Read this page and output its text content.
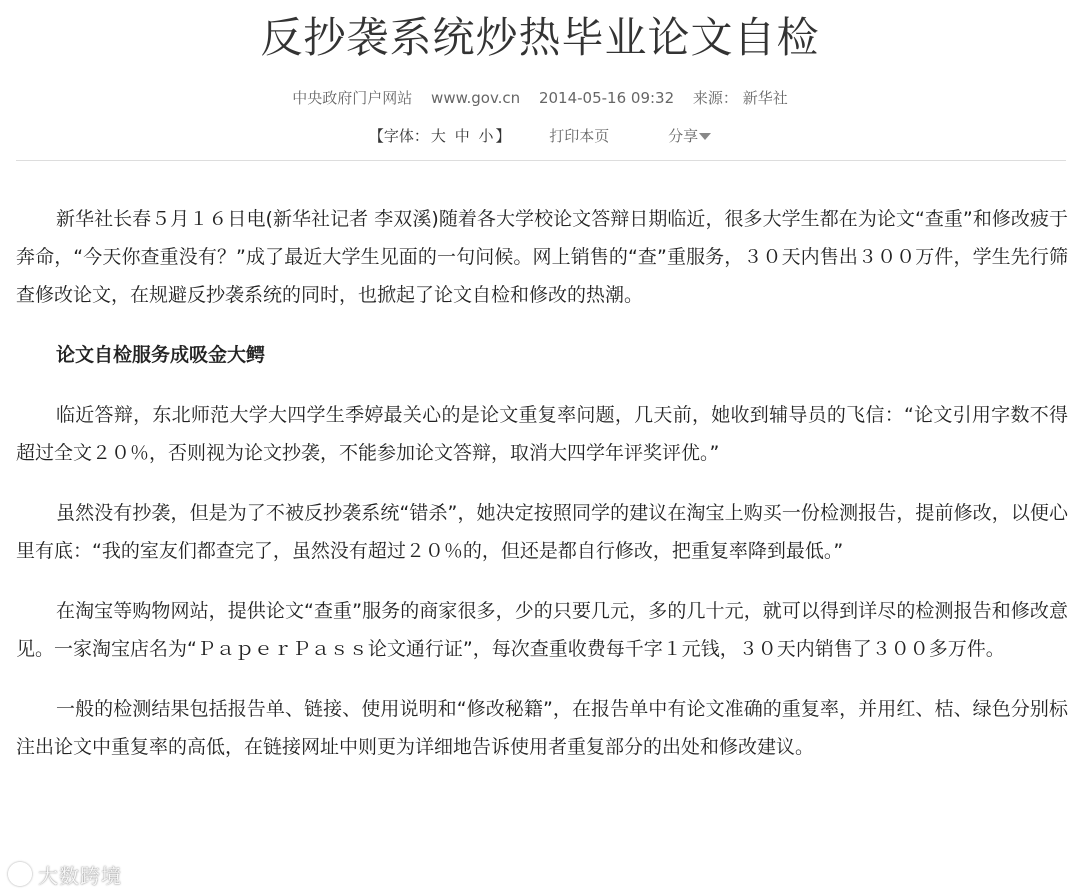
反抄袭系统炒热毕业论文自检
中央政府门户网站 www.gov.cn 2014-05-16 09:32 来源： 新华社
【字体： 大 中 小 】	打印本页	分享

新华社长春５月１６日电(新华社记者 李双溪)随着各大学校论文答辩日期临近，很多大学生都在为论文“查重”和修改疲于奔命，“今天你查重没有？”成了最近大学生见面的一句问候。网上销售的“查”重服务，３０天内售出３００万件，学生先行筛查修改论文，在规避反抄袭系统的同时，也掀起了论文自检和修改的热潮。

论文自检服务成吸金大鳄

临近答辩，东北师范大学大四学生季婷最关心的是论文重复率问题，几天前，她收到辅导员的飞信：“论文引用字数不得超过全文２０％，否则视为论文抄袭，不能参加论文答辩，取消大四学年评奖评优。”

虽然没有抄袭，但是为了不被反抄袭系统“错杀”，她决定按照同学的建议在淘宝上购买一份检测报告，提前修改，以便心里有底：“我的室友们都查完了，虽然没有超过２０％的，但还是都自行修改，把重复率降到最低。”

在淘宝等购物网站，提供论文“查重”服务的商家很多，少的只要几元，多的几十元，就可以得到详尽的检测报告和修改意见。一家淘宝店名为“ＰａｐｅｒＰａｓｓ论文通行证”，每次查重收费每千字１元钱，３０天内销售了３００多万件。

一般的检测结果包括报告单、链接、使用说明和“修改秘籍”，在报告单中有论文准确的重复率，并用红、桔、绿色分别标注出论文中重复率的高低，在链接网址中则更为详细地告诉使用者重复部分的出处和修改建议。

大数跨境
